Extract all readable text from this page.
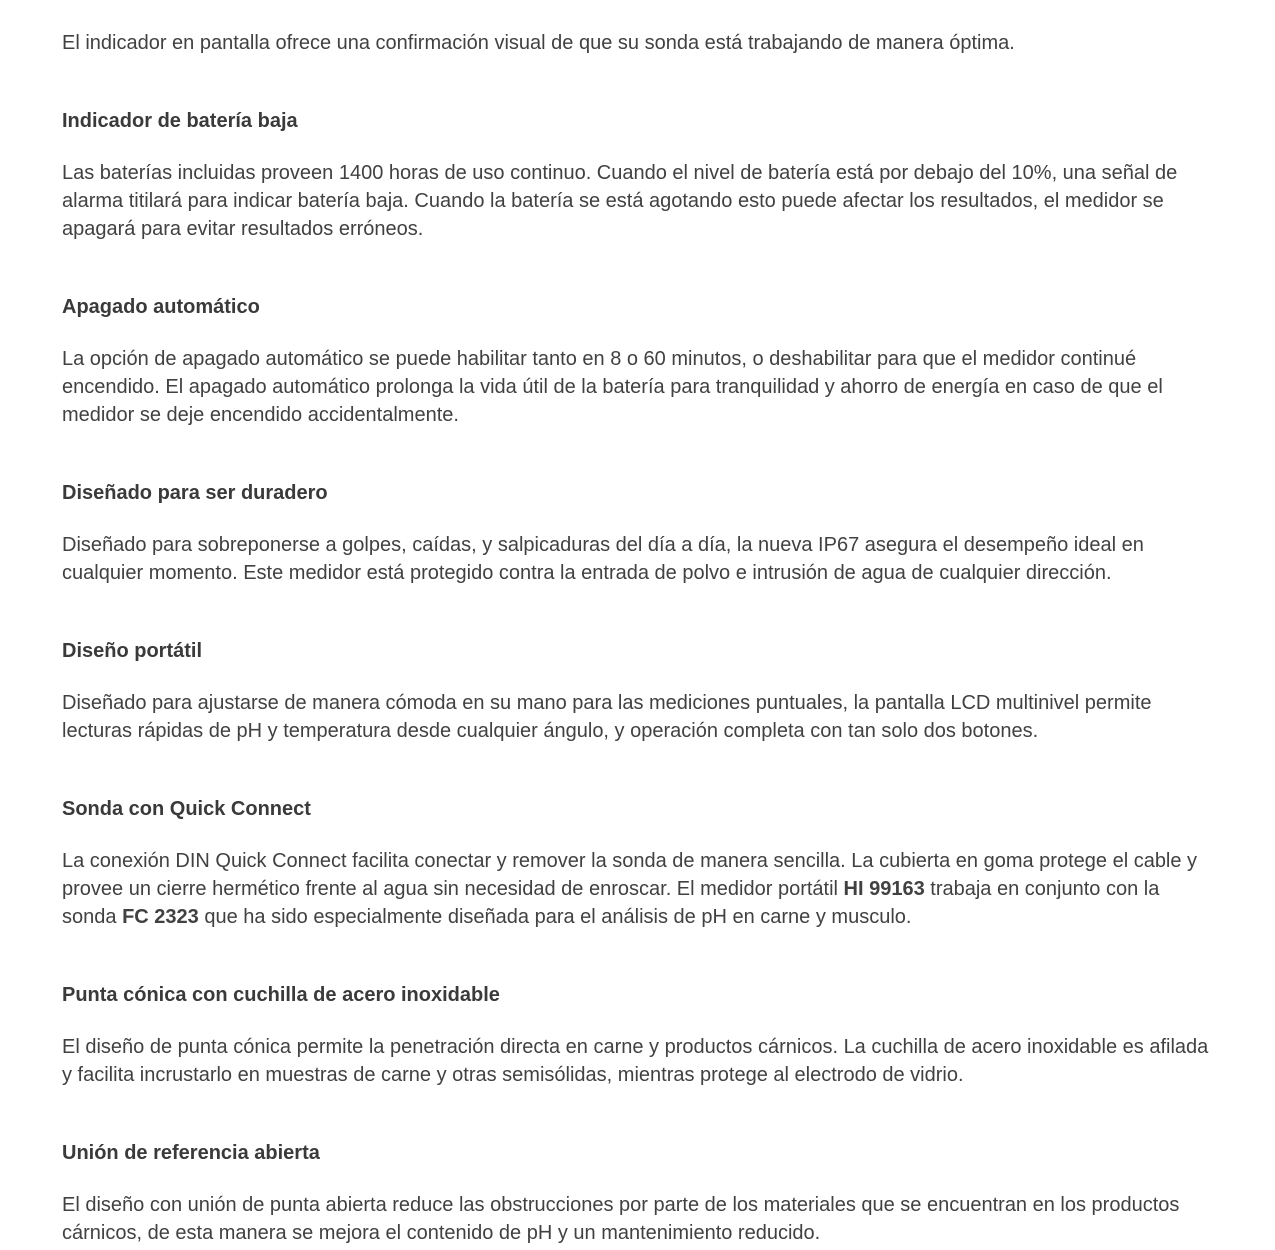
El indicador en pantalla ofrece una confirmación visual de que su sonda está trabajando de manera óptima.

Indicador de batería baja

Las baterías incluidas proveen 1400 horas de uso continuo. Cuando el nivel de batería está por debajo del 10%, una señal de alarma titilará para indicar batería baja. Cuando la batería se está agotando esto puede afectar los resultados, el medidor se apagará para evitar resultados erróneos.

Apagado automático

La opción de apagado automático se puede habilitar tanto en 8 o 60 minutos, o deshabilitar para que el medidor continué encendido. El apagado automático prolonga la vida útil de la batería para tranquilidad y ahorro de energía en caso de que el medidor se deje encendido accidentalmente.

Diseñado para ser duradero

Diseñado para sobreponerse a golpes, caídas, y salpicaduras del día a día, la nueva IP67 asegura el desempeño ideal en cualquier momento. Este medidor está protegido contra la entrada de polvo e intrusión de agua de cualquier dirección.

Diseño portátil

Diseñado para ajustarse de manera cómoda en su mano para las mediciones puntuales, la pantalla LCD multinivel permite lecturas rápidas de pH y temperatura desde cualquier ángulo, y operación completa con tan solo dos botones.

Sonda con Quick Connect

La conexión DIN Quick Connect facilita conectar y remover la sonda de manera sencilla. La cubierta en goma protege el cable y provee un cierre hermético frente al agua sin necesidad de enroscar. El medidor portátil HI 99163 trabaja en conjunto con la sonda FC 2323 que ha sido especialmente diseñada para el análisis de pH en carne y musculo.

Punta cónica con cuchilla de acero inoxidable

El diseño de punta cónica permite la penetración directa en carne y productos cárnicos. La cuchilla de acero inoxidable es afilada y facilita incrustarlo en muestras de carne y otras semisólidas, mientras protege al electrodo de vidrio.

Unión de referencia abierta

El diseño con unión de punta abierta reduce las obstrucciones por parte de los materiales que se encuentran en los productos cárnicos, de esta manera se mejora el contenido de pH y un mantenimiento reducido.
